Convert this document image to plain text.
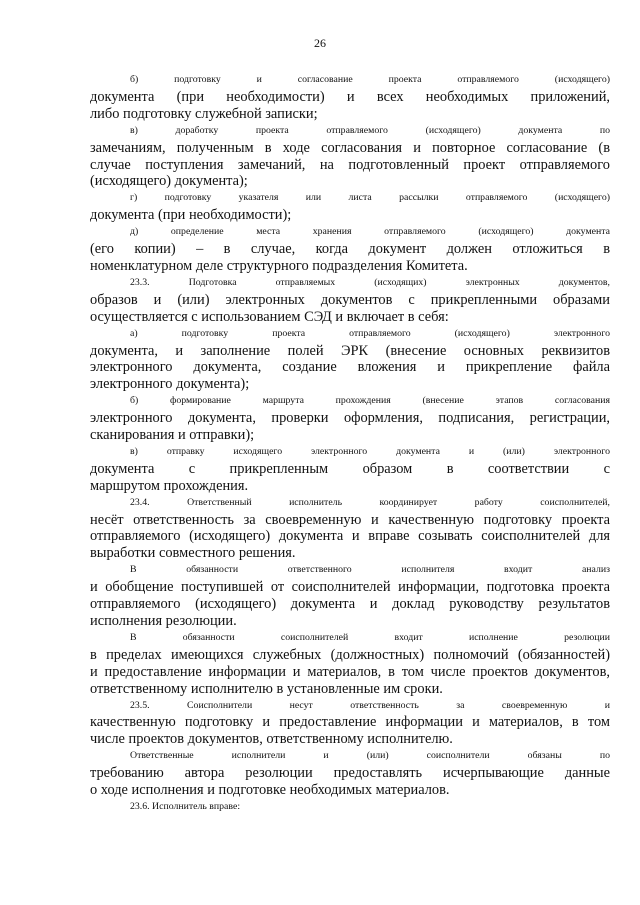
26
б) подготовку и согласование проекта отправляемого (исходящего)
документа (при необходимости) и всех необходимых приложений,
либо подготовку служебной записки;
в) доработку проекта отправляемого (исходящего) документа по
замечаниям, полученным в ходе согласования и повторное согласование (в
случае поступления замечаний, на подготовленный проект отправляемого
(исходящего) документа);
г) подготовку указателя или листа рассылки отправляемого (исходящего)
документа (при необходимости);
д) определение места хранения отправляемого (исходящего) документа
(его копии) – в случае, когда документ должен отложиться в
номенклатурном деле структурного подразделения Комитета.
23.3. Подготовка отправляемых (исходящих) электронных документов,
образов и (или) электронных документов с прикрепленными образами
осуществляется с использованием СЭД и включает в себя:
а) подготовку проекта отправляемого (исходящего) электронного
документа, и заполнение полей ЭРК (внесение основных реквизитов
электронного документа, создание вложения и прикрепление файла
электронного документа);
б) формирование маршрута прохождения (внесение этапов согласования
электронного документа, проверки оформления, подписания, регистрации,
сканирования и отправки);
в) отправку исходящего электронного документа и (или) электронного
документа с прикрепленным образом в соответствии с
маршрутом прохождения.
23.4. Ответственный исполнитель координирует работу соисполнителей,
несёт ответственность за своевременную и качественную подготовку проекта
отправляемого (исходящего) документа и вправе созывать соисполнителей для
выработки совместного решения.
В обязанности ответственного исполнителя входит анализ
и обобщение поступившей от соисполнителей информации, подготовка проекта
отправляемого (исходящего) документа и доклад руководству результатов
исполнения резолюции.
В обязанности соисполнителей входит исполнение резолюции
в пределах имеющихся служебных (должностных) полномочий (обязанностей)
и предоставление информации и материалов, в том числе проектов документов,
ответственному исполнителю в установленные им сроки.
23.5. Соисполнители несут ответственность за своевременную и
качественную подготовку и предоставление информации и материалов, в том
числе проектов документов, ответственному исполнителю.
Ответственные исполнители и (или) соисполнители обязаны по
требованию автора резолюции предоставлять исчерпывающие данные
о ходе исполнения и подготовке необходимых материалов.
23.6. Исполнитель вправе:
